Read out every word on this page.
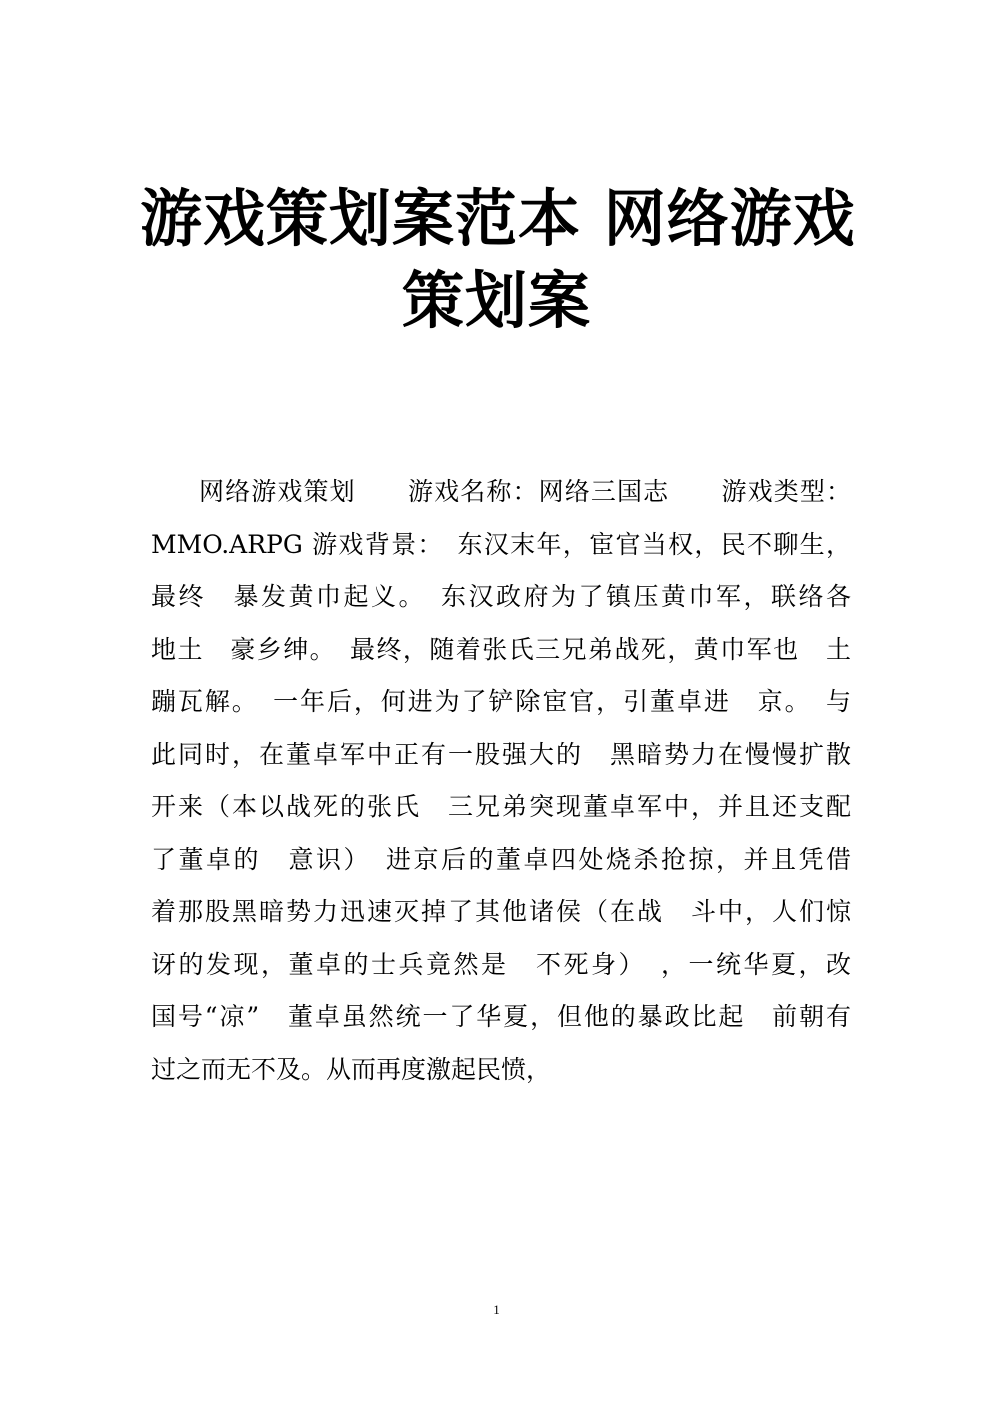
游戏策划案范本 网络游戏
策划案
网络游戏策划　　游戏名称：网络三国志　　游戏类型：
MMO.ARPG 游戏背景：　东汉末年，宦官当权，民不聊生，
最终　暴发黄巾起义。　东汉政府为了镇压黄巾军，联络各
地土　豪乡绅。　最终，随着张氏三兄弟战死，黄巾军也　土
蹦瓦解。　一年后，何进为了铲除宦官，引董卓进　京。　与
此同时，在董卓军中正有一股强大的　黑暗势力在慢慢扩散
开来（本以战死的张氏　三兄弟突现董卓军中，并且还支配
了董卓的　意识）　进京后的董卓四处烧杀抢掠，并且凭借
着那股黑暗势力迅速灭掉了其他诸侯（在战　斗中，人们惊
讶的发现，董卓的士兵竟然是　不死身）　，一统华夏，改
国号“凉”　董卓虽然统一了华夏，但他的暴政比起　前朝有
过之而无不及。从而再度激起民愤，
1
